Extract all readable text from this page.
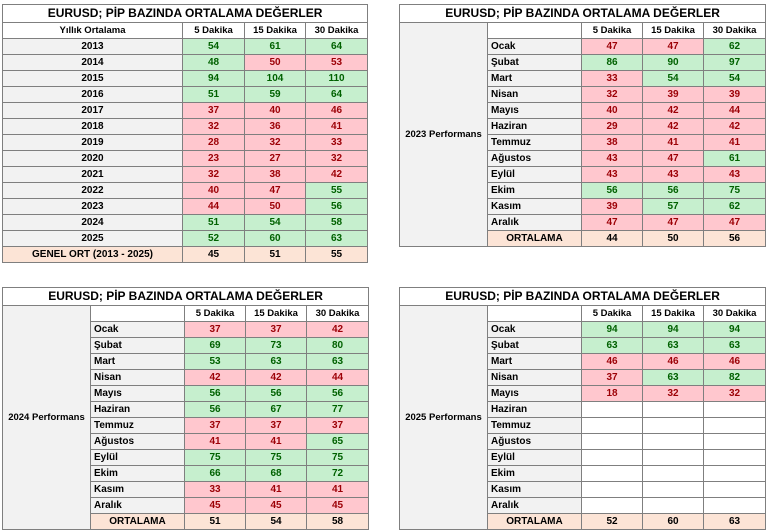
EURUSD; PİP BAZINDA ORTALAMA DEĞERLER			
Yıllık Ortalama	5 Dakika	15 Dakika	30 Dakika
2013	54	61	64
2014	48	50	53
2015	94	104	110
2016	51	59	64
2017	37	40	46
2018	32	36	41
2019	28	32	33
2020	23	27	32
2021	32	38	42
2022	40	47	55
2023	44	50	56
2024	51	54	58
2025	52	60	63
GENEL ORT (2013 - 2025)	45	51	55
EURUSD; PİP BAZINDA ORTALAMA DEĞERLER				
2023 Performans		5 Dakika	15 Dakika	30 Dakika
	Ocak	47	47	62
	Şubat	86	90	97
	Mart	33	54	54
	Nisan	32	39	39
	Mayıs	40	42	44
	Haziran	29	42	42
	Temmuz	38	41	41
	Ağustos	43	47	61
	Eylül	43	43	43
	Ekim	56	56	75
	Kasım	39	57	62
	Aralık	47	47	47
	ORTALAMA	44	50	56
EURUSD; PİP BAZINDA ORTALAMA DEĞERLER				
2024 Performans		5 Dakika	15 Dakika	30 Dakika
	Ocak	37	37	42
	Şubat	69	73	80
	Mart	53	63	63
	Nisan	42	42	44
	Mayıs	56	56	56
	Haziran	56	67	77
	Temmuz	37	37	37
	Ağustos	41	41	65
	Eylül	75	75	75
	Ekim	66	68	72
	Kasım	33	41	41
	Aralık	45	45	45
	ORTALAMA	51	54	58
EURUSD; PİP BAZINDA ORTALAMA DEĞERLER				
2025 Performans		5 Dakika	15 Dakika	30 Dakika
	Ocak	94	94	94
	Şubat	63	63	63
	Mart	46	46	46
	Nisan	37	63	82
	Mayıs	18	32	32
	Haziran			
	Temmuz			
	Ağustos			
	Eylül			
	Ekim			
	Kasım			
	Aralık			
	ORTALAMA	52	60	63
